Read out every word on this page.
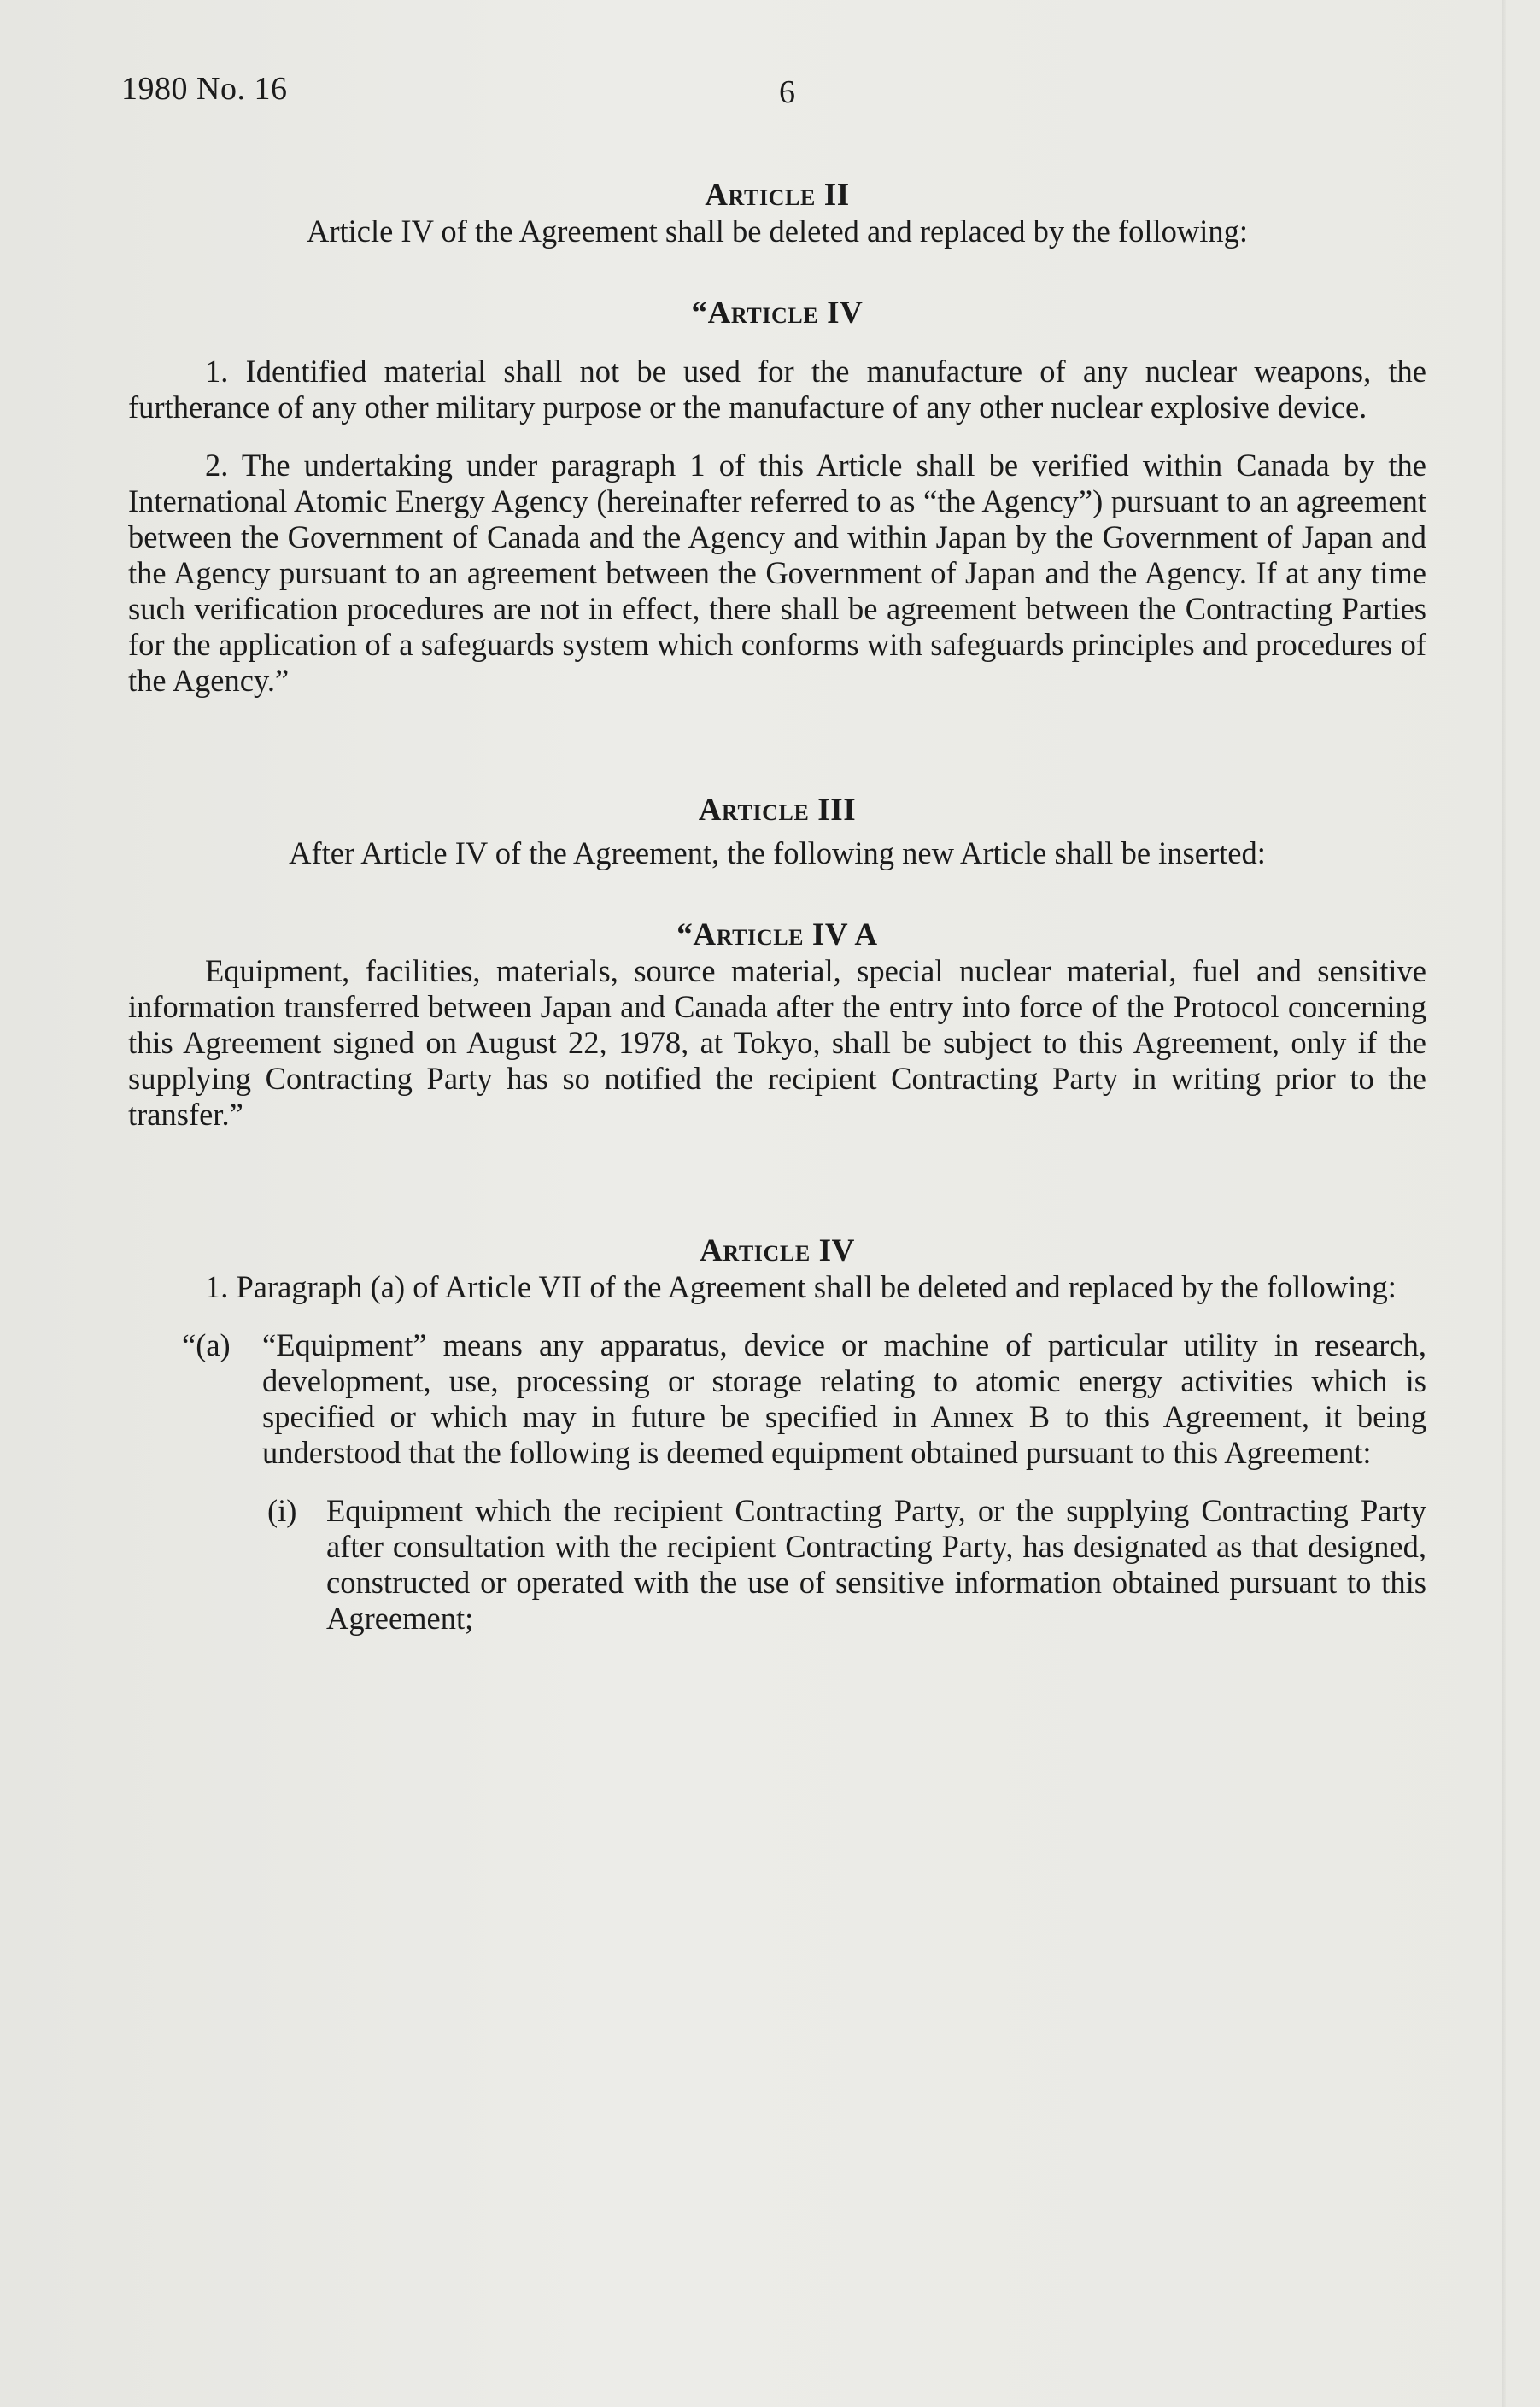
1980 No. 16	6
Article II

Article IV of the Agreement shall be deleted and replaced by the following:

“Article IV

1. Identified material shall not be used for the manufacture of any nuclear weapons, the furtherance of any other military purpose or the manufacture of any other nuclear explosive device.

2. The undertaking under paragraph 1 of this Article shall be verified within Canada by the International Atomic Energy Agency (hereinafter referred to as “the Agency”) pursuant to an agreement between the Government of Canada and the Agency and within Japan by the Government of Japan and the Agency pursuant to an agreement between the Government of Japan and the Agency. If at any time such verification procedures are not in effect, there shall be agreement between the Contracting Parties for the application of a safeguards system which conforms with safeguards principles and procedures of the Agency.”

Article III

After Article IV of the Agreement, the following new Article shall be inserted:

“Article IV A

Equipment, facilities, materials, source material, special nuclear material, fuel and sensitive information transferred between Japan and Canada after the entry into force of the Protocol concerning this Agreement signed on August 22, 1978, at Tokyo, shall be subject to this Agreement, only if the supplying Contracting Party has so notified the recipient Contracting Party in writing prior to the transfer.”

Article IV

1. Paragraph (a) of Article VII of the Agreement shall be deleted and replaced by the following:

“(a) “Equipment” means any apparatus, device or machine of particular utility in research, development, use, processing or storage relating to atomic energy activities which is specified or which may in future be specified in Annex B to this Agreement, it being understood that the following is deemed equipment obtained pursuant to this Agreement:

(i) Equipment which the recipient Contracting Party, or the supplying Contracting Party after consultation with the recipient Contracting Party, has designated as that designed, constructed or operated with the use of sensitive information obtained pursuant to this Agreement;
